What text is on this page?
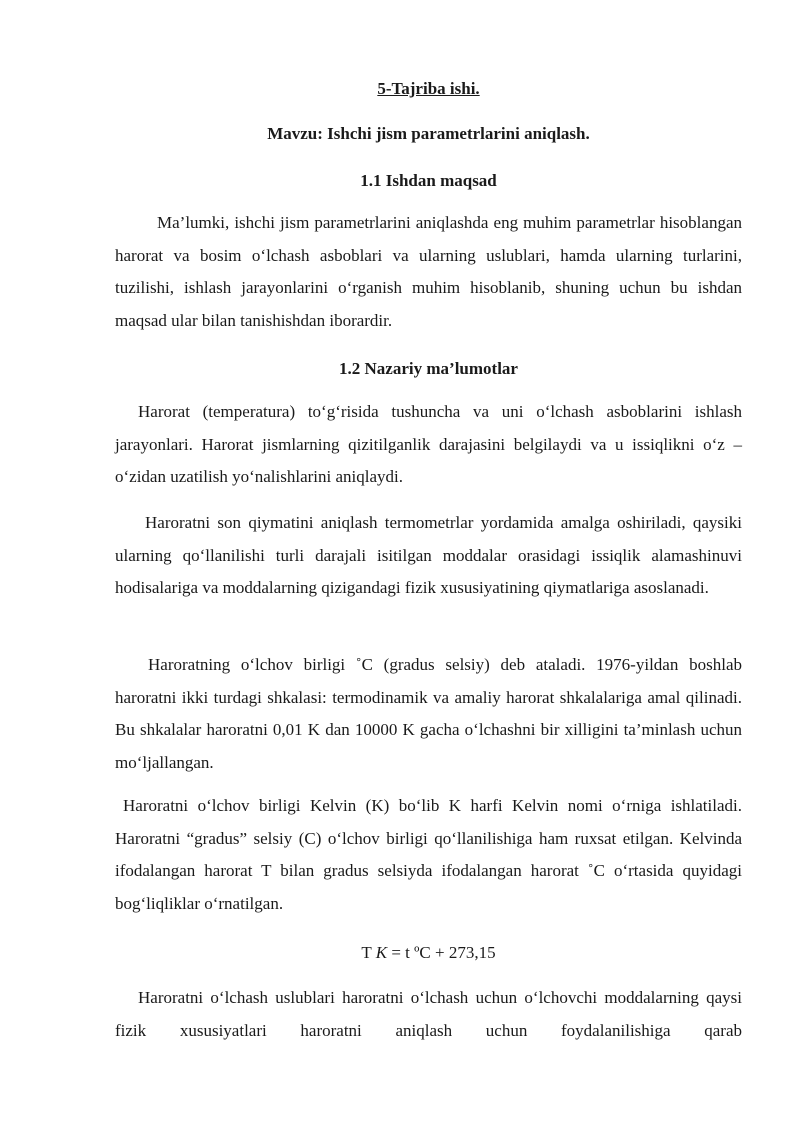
5-Tajriba ishi.

Mavzu: Ishchi jism parametrlarini aniqlash.

1.1 Ishdan maqsad

Ma’lumki, ishchi jism parametrlarini aniqlashda eng muhim parametrlar hisoblangan harorat va bosim o‘lchash asboblari va ularning uslublari, hamda ularning turlarini, tuzilishi, ishlash jarayonlarini o‘rganish muhim hisoblanib, shuning uchun bu ishdan maqsad ular bilan tanishishdan iborardir.

1.2 Nazariy ma’lumotlar

Harorat (temperatura) to‘g‘risida tushuncha va uni o‘lchash asboblarini ishlash jarayonlari. Harorat jismlarning qizitilganlik darajasini belgilaydi va u issiqlikni o‘z – o‘zidan uzatilish yo‘nalishlarini aniqlaydi.

Haroratni son qiymatini aniqlash termometrlar yordamida amalga oshiriladi, qaysiki ularning qo‘llanilishi turli darajali isitilgan moddalar orasidagi issiqlik alamashinuvi hodisalariga va moddalarning qizigandagi fizik xususiyatining qiymatlariga asoslanadi.

Haroratning o‘lchov birligi ˚C (gradus selsiy) deb ataladi. 1976-yildan boshlab haroratni ikki turdagi shkalasi: termodinamik va amaliy harorat shkalalariga amal qilinadi. Bu shkalalar haroratni 0,01 K dan 10000 K gacha o‘lchashni bir xilligini ta’minlash uchun mo‘ljallangan.

Haroratni o‘lchov birligi Kelvin (K) bo‘lib K harfi Kelvin nomi o‘rniga ishlatiladi. Haroratni “gradus” selsiy (C) o‘lchov birligi qo‘llanilishiga ham ruxsat etilgan. Kelvinda ifodalangan harorat T bilan gradus selsiyda ifodalangan harorat ˚C o‘rtasida quyidagi bog‘liqliklar o‘rnatilgan.

T K = t ºC + 273,15

Haroratni o‘lchash uslublari haroratni o‘lchash uchun o‘lchovchi moddalarning qaysi fizik xususiyatlari haroratni aniqlash uchun foydalanilishiga qarab
